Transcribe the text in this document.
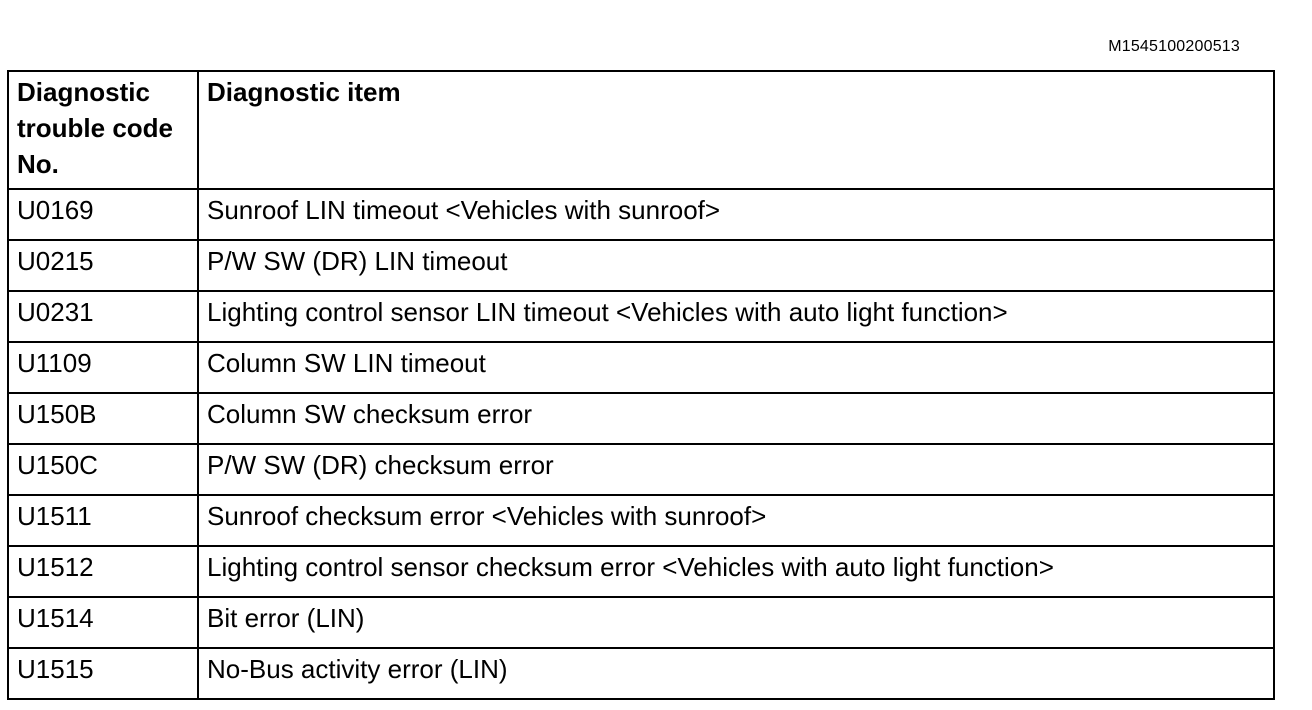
M1545100200513
Diagnostic trouble code No.	Diagnostic item
U0169	Sunroof LIN timeout <Vehicles with sunroof>
U0215	P/W SW (DR) LIN timeout
U0231	Lighting control sensor LIN timeout <Vehicles with auto light function>
U1109	Column SW LIN timeout
U150B	Column SW checksum error
U150C	P/W SW (DR) checksum error
U1511	Sunroof checksum error <Vehicles with sunroof>
U1512	Lighting control sensor checksum error <Vehicles with auto light function>
U1514	Bit error (LIN)
U1515	No-Bus activity error (LIN)
